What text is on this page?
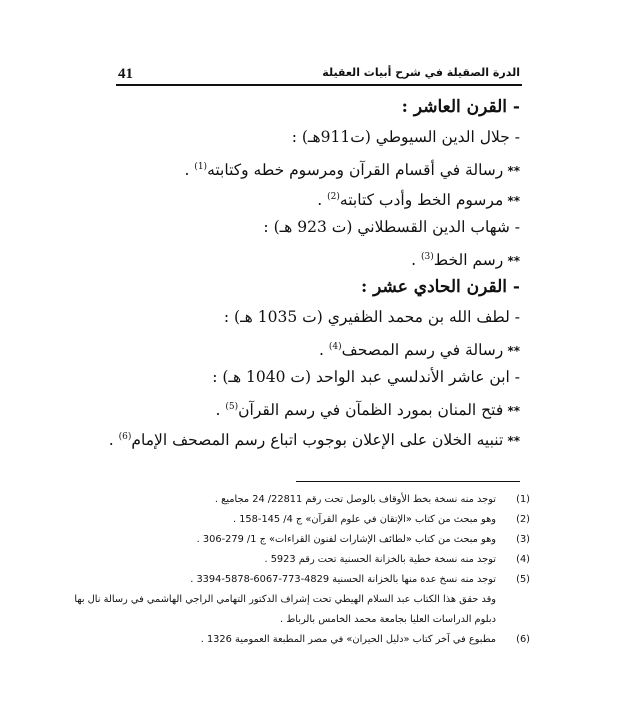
41	الدرة الصقيلة في شرح أبيات العقيلة
- القرن العاشر :
- جلال الدين السيوطي (ت911هـ) :
** رسالة في أقسام القرآن ومرسوم خطه وكتابته$^{(1)}$ .
** مرسوم الخط وأدب كتابته$^{(2)}$ .
- شهاب الدين القسطلاني (ت 923 هـ) :
** رسم الخط$^{(3)}$ .
- القرن الحادي عشر :
- لطف الله بن محمد الظفيري (ت 1035 هـ) :
** رسالة في رسم المصحف$^{(4)}$ .
- ابن عاشر الأندلسي عبد الواحد (ت 1040 هـ) :
** فتح المنان بمورد الظمآن في رسم القرآن$^{(5)}$ .
** تنبيه الخلان على الإعلان بوجوب اتباع رسم المصحف الإمام$^{(6)}$ .
(1)
توجد منه نسخة بخط الأوقاف بالوصل تحت رقم 22811/ 24 مجاميع .
(2)
وهو مبحث من كتاب «الإتقان في علوم القرآن» ج 4/ 145-158 .
(3)
وهو مبحث من كتاب «لطائف الإشارات لفنون القراءات» ج 1/ 279-306 .
(4)
توجد منه نسخة خطية بالخزانة الحسنية تحت رقم 5923 .
(5)
توجد منه نسخ عدة منها بالخزانة الحسنية 4829-773-6067-5878-3394 .
وقد حقق هذا الكتاب عبد السلام الهيطي تحت إشراف الدكتور التهامي الراجي الهاشمي في رسالة نال بها
دبلوم الدراسات العليا بجامعة محمد الخامس بالرباط .
(6)
مطبوع في آخر كتاب «دليل الحيران» في مصر المطبعة العمومية 1326 .
